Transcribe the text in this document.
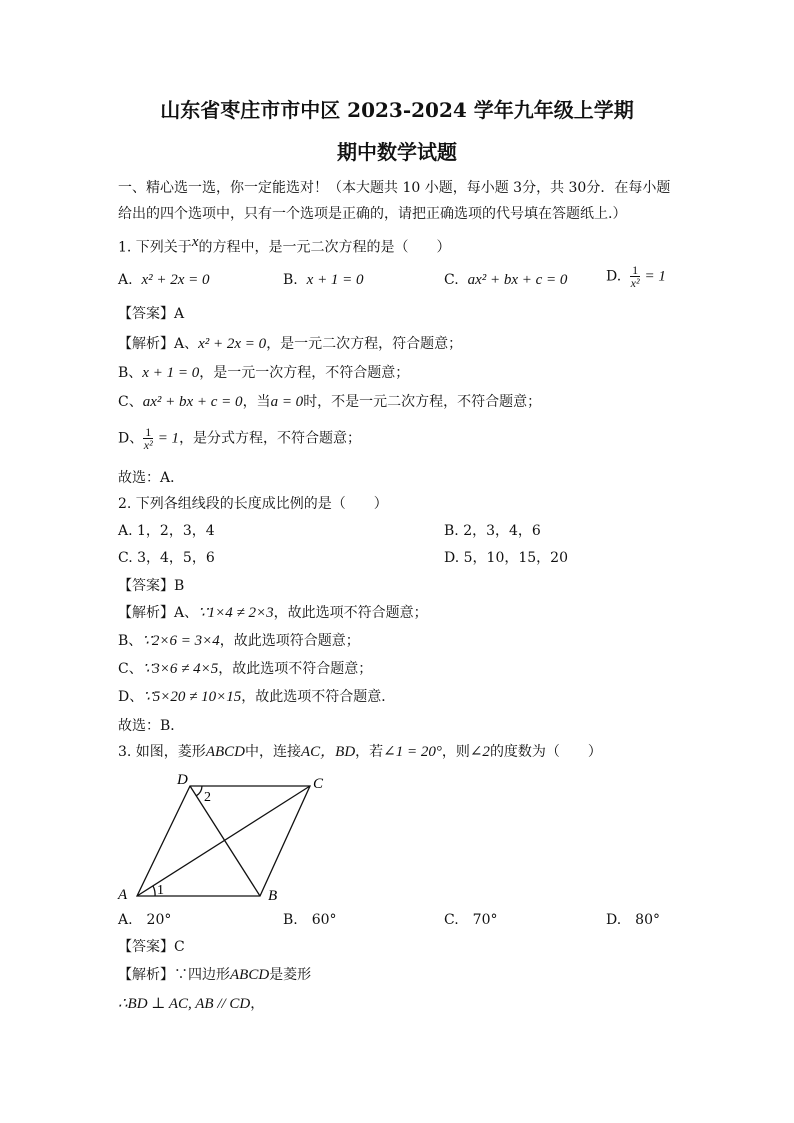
山东省枣庄市市中区 2023-2024 学年九年级上学期
期中数学试题
一、精心选一选，你一定能选对！（本大题共 10 小题，每小题 3分，共 30分．在每小题
给出的四个选项中，只有一个选项是正确的，请把正确选项的代号填在答题纸上.）
1. 下列关于$^x$的方程中，是一元二次方程的是（　　）
A. x² + 2x = 0	B. x + 1 = 0	C. ax² + bx + c = 0	D. $\frac{1}{\text{x²}} = 1$
【答案】A
【解析】A、x² + 2x = 0，是一元二次方程，符合题意；
B、x + 1 = 0，是一元一次方程，不符合题意；
C、ax² + bx + c = 0，当a = 0时，不是一元二次方程，不符合题意；
D、 $\frac{1}{\text{x²}} = 1$，是分式方程，不符合题意；
故选：A．
2. 下列各组线段的长度成比例的是（　　）
A. 1，2，3，4	B. 2，3，4，6
C. 3，4，5，6	D. 5，10，15，20
【答案】B
【解析】A、∵1×4 ≠ 2×3，故此选项不符合题意；
B、∵2×6 = 3×4，故此选项符合题意；
C、∵3×6 ≠ 4×5，故此选项不符合题意；
D、∵5×20 ≠ 10×15，故此选项不符合题意．
故选：B．
3. 如图，菱形ABCD中，连接AC，BD，若∠1 = 20°，则∠2的度数为（　　）
A	B
C
D
1
2
A.　20°	B.　60°	C.　70°	D.　80°
【答案】C
【解析】∵四边形ABCD是菱形
∴BD ⊥ AC, AB // CD，
